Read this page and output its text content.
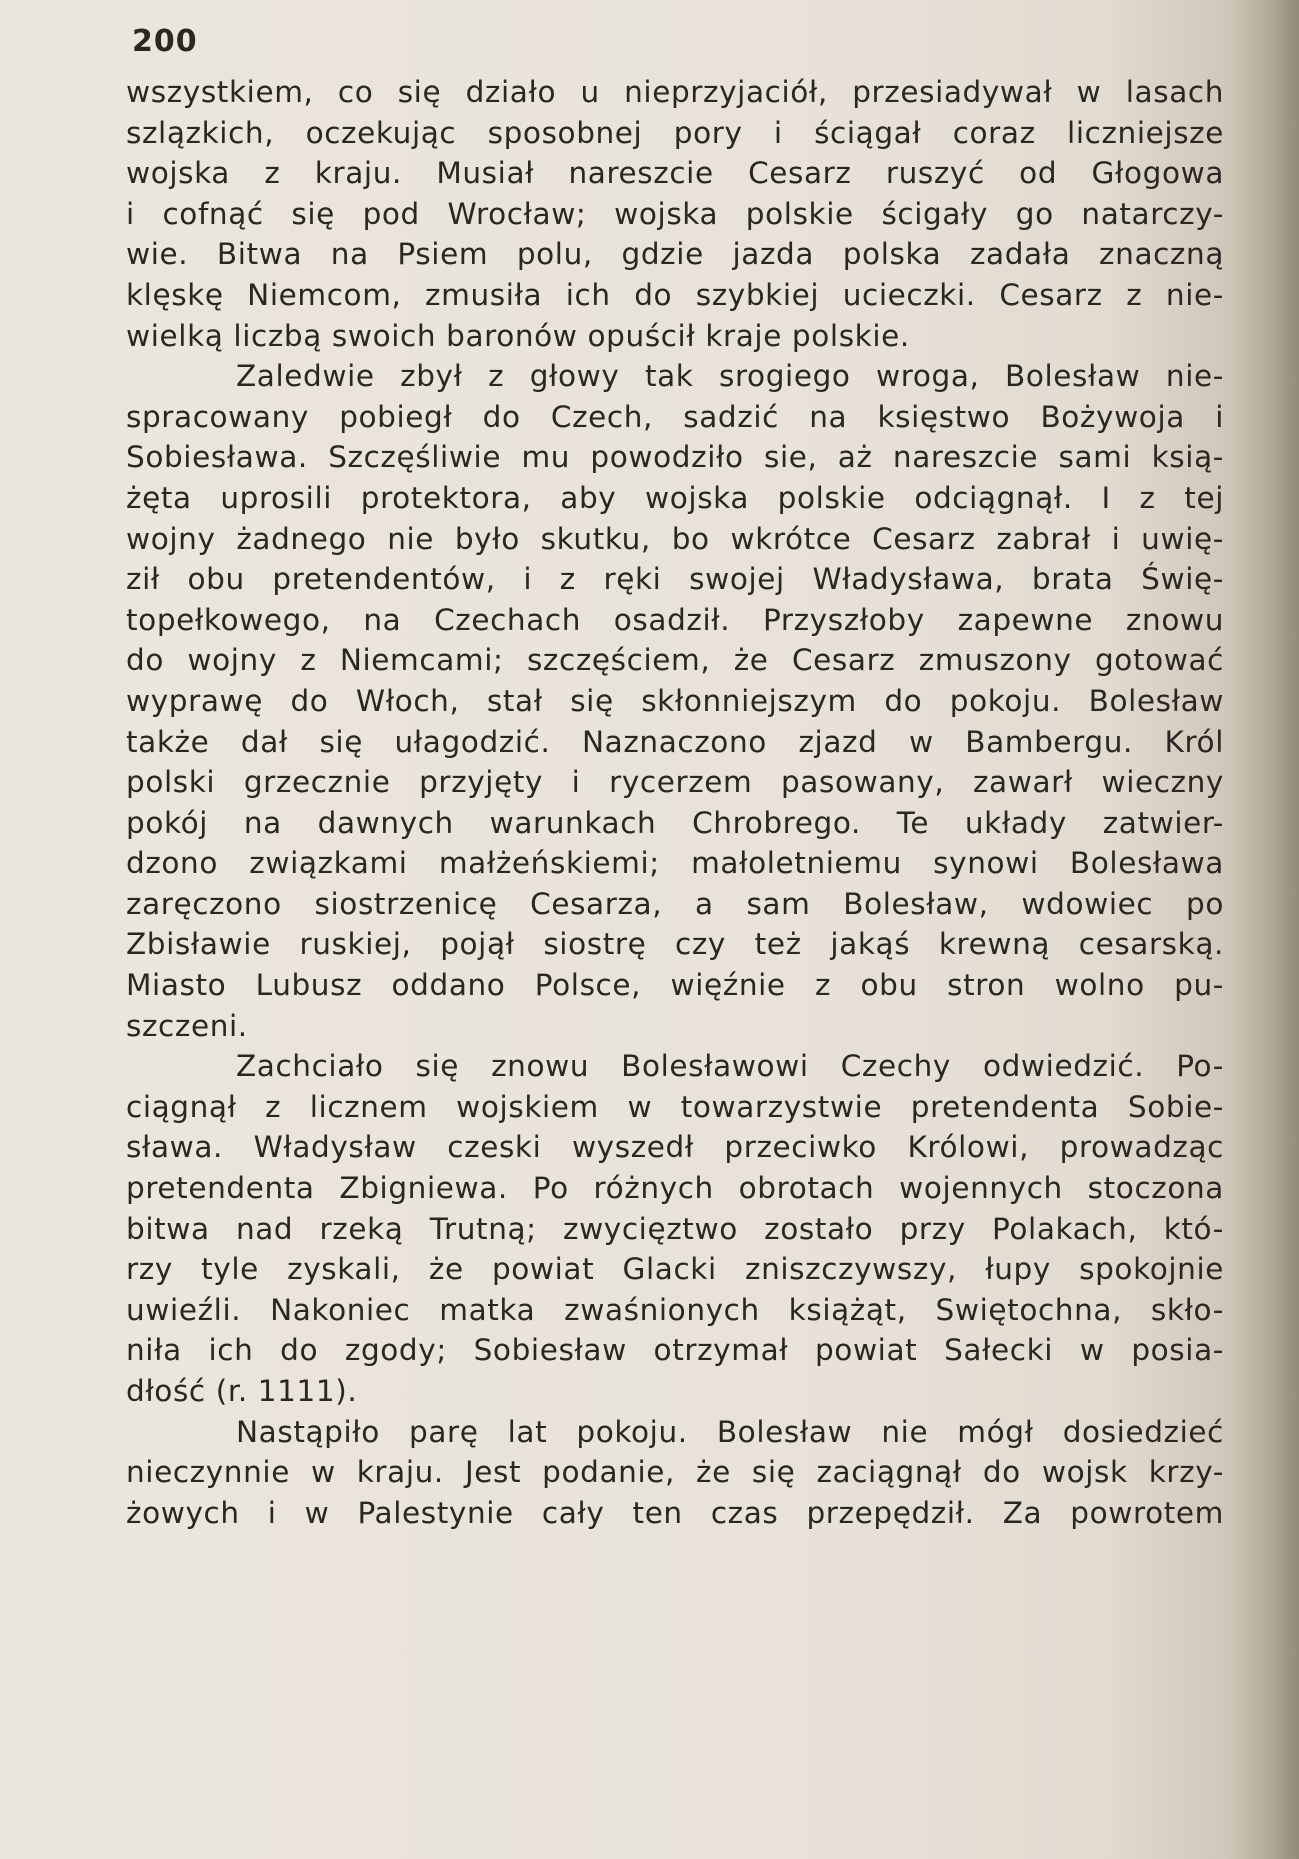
200
wszystkiem, co się działo u nieprzyjaciół, przesiadywał w lasach
szlązkich, oczekując sposobnej pory i ściągał coraz liczniejsze
wojska z kraju. Musiał nareszcie Cesarz ruszyć od Głogowa
i cofnąć się pod Wrocław; wojska polskie ścigały go natarczy-
wie. Bitwa na Psiem polu, gdzie jazda polska zadała znaczną
klęskę Niemcom, zmusiła ich do szybkiej ucieczki. Cesarz z nie-
wielką liczbą swoich baronów opuścił kraje polskie.
Zaledwie zbył z głowy tak srogiego wroga, Bolesław nie-
spracowany pobiegł do Czech, sadzić na księstwo Bożywoja i
Sobiesława. Szczęśliwie mu powodziło sie, aż nareszcie sami ksią-
żęta uprosili protektora, aby wojska polskie odciągnął. I z tej
wojny żadnego nie było skutku, bo wkrótce Cesarz zabrał i uwię-
ził obu pretendentów, i z ręki swojej Władysława, brata Świę-
topełkowego, na Czechach osadził. Przyszłoby zapewne znowu
do wojny z Niemcami; szczęściem, że Cesarz zmuszony gotować
wyprawę do Włoch, stał się skłonniejszym do pokoju. Bolesław
także dał się ułagodzić. Naznaczono zjazd w Bambergu. Król
polski grzecznie przyjęty i rycerzem pasowany, zawarł wieczny
pokój na dawnych warunkach Chrobrego. Te układy zatwier-
dzono związkami małżeńskiemi; małoletniemu synowi Bolesława
zaręczono siostrzenicę Cesarza, a sam Bolesław, wdowiec po
Zbisławie ruskiej, pojął siostrę czy też jakąś krewną cesarską.
Miasto Lubusz oddano Polsce, więźnie z obu stron wolno pu-
szczeni.
Zachciało się znowu Bolesławowi Czechy odwiedzić. Po-
ciągnął z licznem wojskiem w towarzystwie pretendenta Sobie-
sława. Władysław czeski wyszedł przeciwko Królowi, prowadząc
pretendenta Zbigniewa. Po różnych obrotach wojennych stoczona
bitwa nad rzeką Trutną; zwycięztwo zostało przy Polakach, któ-
rzy tyle zyskali, że powiat Glacki zniszczywszy, łupy spokojnie
uwieźli. Nakoniec matka zwaśnionych książąt, Swiętochna, skło-
niła ich do zgody; Sobiesław otrzymał powiat Sałecki w posia-
dłość (r. 1111).
Nastąpiło parę lat pokoju. Bolesław nie mógł dosiedzieć
nieczynnie w kraju. Jest podanie, że się zaciągnął do wojsk krzy-
żowych i w Palestynie cały ten czas przepędził. Za powrotem
